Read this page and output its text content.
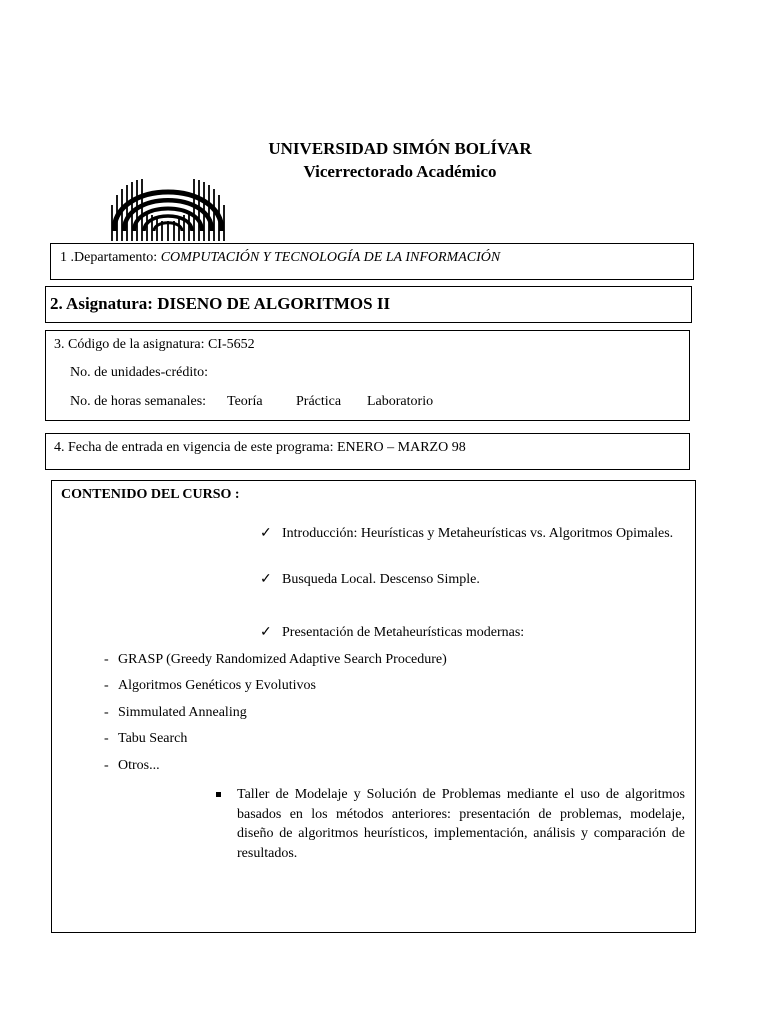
UNIVERSIDAD SIMÓN BOLÍVAR
Vicerrectorado Académico
1 .Departamento: COMPUTACIÓN Y TECNOLOGÍA DE LA INFORMACIÓN
2. Asignatura: DISENO DE ALGORITMOS II
3. Código de la asignatura: CI-5652
No. de unidades-crédito:
No. de horas semanales: Teoría Práctica Laboratorio
4. Fecha de entrada en vigencia de este programa: ENERO – MARZO 98
CONTENIDO DEL CURSO :
✓ Introducción: Heurísticas y Metaheurísticas vs. Algoritmos Opimales.
✓ Busqueda Local. Descenso Simple.
✓ Presentación de Metaheurísticas modernas:
- GRASP (Greedy Randomized Adaptive Search Procedure)
- Algoritmos Genéticos y Evolutivos
- Simmulated Annealing
- Tabu Search
- Otros...
Taller de Modelaje y Solución de Problemas mediante el uso de algoritmos basados en los métodos anteriores: presentación de problemas, modelaje, diseño de algoritmos heurísticos, implementación, análisis y comparación de resultados.
